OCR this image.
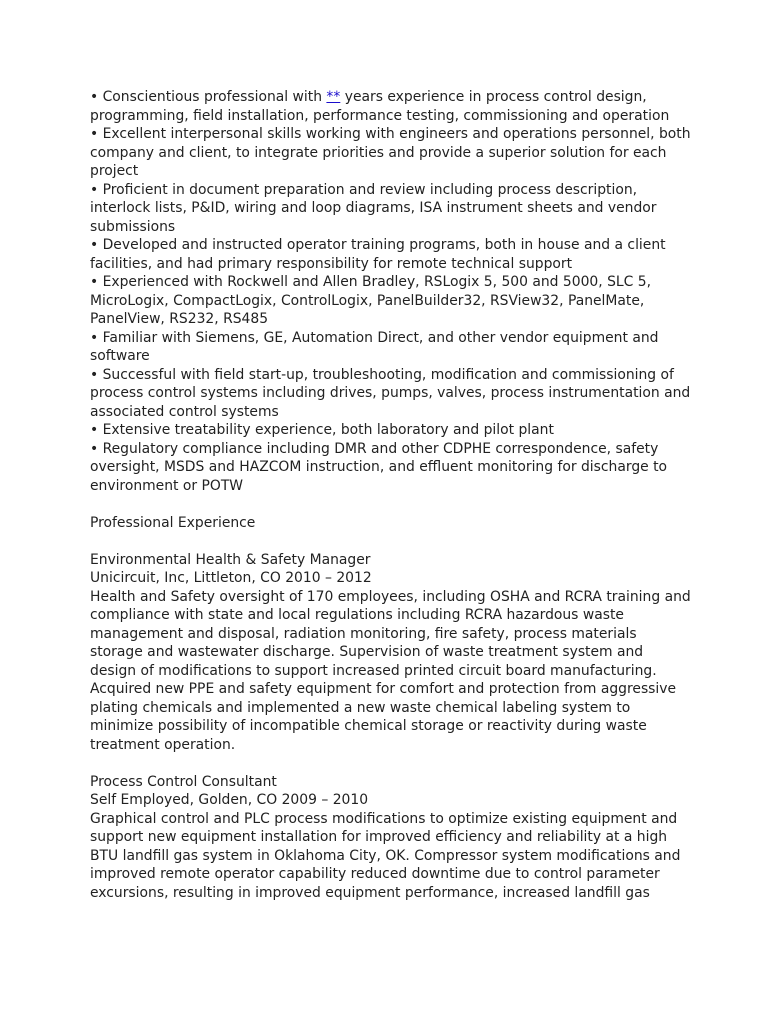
• Conscientious professional with ** years experience in process control design,
programming, field installation, performance testing, commissioning and operation
• Excellent interpersonal skills working with engineers and operations personnel, both
company and client, to integrate priorities and provide a superior solution for each
project
• Proficient in document preparation and review including process description,
interlock lists, P&ID, wiring and loop diagrams, ISA instrument sheets and vendor
submissions
• Developed and instructed operator training programs, both in house and a client
facilities, and had primary responsibility for remote technical support
• Experienced with Rockwell and Allen Bradley, RSLogix 5, 500 and 5000, SLC 5,
MicroLogix, CompactLogix, ControlLogix, PanelBuilder32, RSView32, PanelMate,
PanelView, RS232, RS485
• Familiar with Siemens, GE, Automation Direct, and other vendor equipment and
software
• Successful with field start-up, troubleshooting, modification and commissioning of
process control systems including drives, pumps, valves, process instrumentation and
associated control systems
• Extensive treatability experience, both laboratory and pilot plant
• Regulatory compliance including DMR and other CDPHE correspondence, safety
oversight, MSDS and HAZCOM instruction, and effluent monitoring for discharge to
environment or POTW
Professional Experience
Environmental Health & Safety Manager
Unicircuit, Inc, Littleton, CO 2010 – 2012
Health and Safety oversight of 170 employees, including OSHA and RCRA training and
compliance with state and local regulations including RCRA hazardous waste
management and disposal, radiation monitoring, fire safety, process materials
storage and wastewater discharge. Supervision of waste treatment system and
design of modifications to support increased printed circuit board manufacturing.
Acquired new PPE and safety equipment for comfort and protection from aggressive
plating chemicals and implemented a new waste chemical labeling system to
minimize possibility of incompatible chemical storage or reactivity during waste
treatment operation.
Process Control Consultant
Self Employed, Golden, CO 2009 – 2010
Graphical control and PLC process modifications to optimize existing equipment and
support new equipment installation for improved efficiency and reliability at a high
BTU landfill gas system in Oklahoma City, OK. Compressor system modifications and
improved remote operator capability reduced downtime due to control parameter
excursions, resulting in improved equipment performance, increased landfill gas
